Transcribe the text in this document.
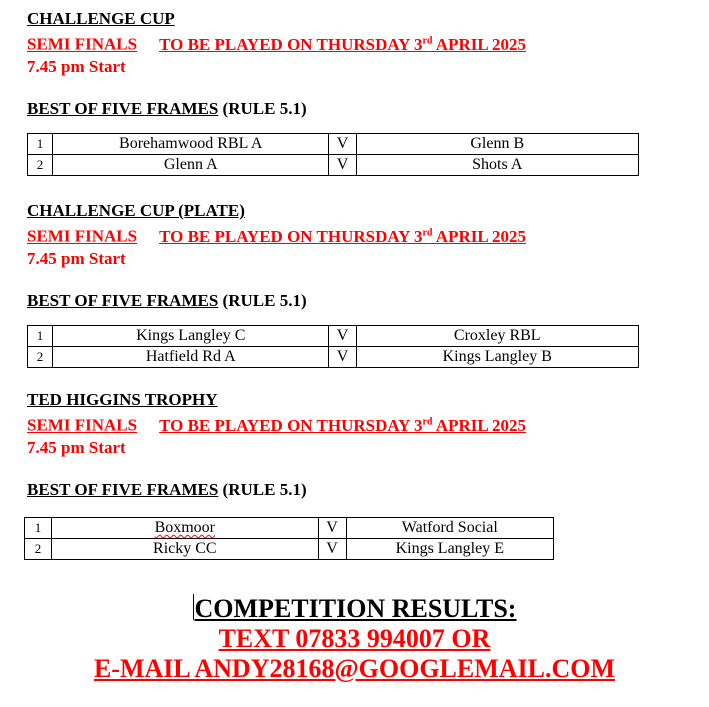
CHALLENGE CUP
SEMI FINALS TO BE PLAYED ON THURSDAY 3rd APRIL 2025
7.45 pm Start
BEST OF FIVE FRAMES (RULE 5.1)
1	Borehamwood RBL A	V	Glenn B
2	Glenn A	V	Shots A
CHALLENGE CUP (PLATE)
SEMI FINALS TO BE PLAYED ON THURSDAY 3rd APRIL 2025
7.45 pm Start
BEST OF FIVE FRAMES (RULE 5.1)
1	Kings Langley C	V	Croxley RBL
2	Hatfield Rd A	V	Kings Langley B
TED HIGGINS TROPHY
SEMI FINALS TO BE PLAYED ON THURSDAY 3rd APRIL 2025
7.45 pm Start
BEST OF FIVE FRAMES (RULE 5.1)
1	Boxmoor	V	Watford Social
2	Ricky CC	V	Kings Langley E
COMPETITION RESULTS:
TEXT 07833 994007 OR
E-MAIL ANDY28168@GOOGLEMAIL.COM
